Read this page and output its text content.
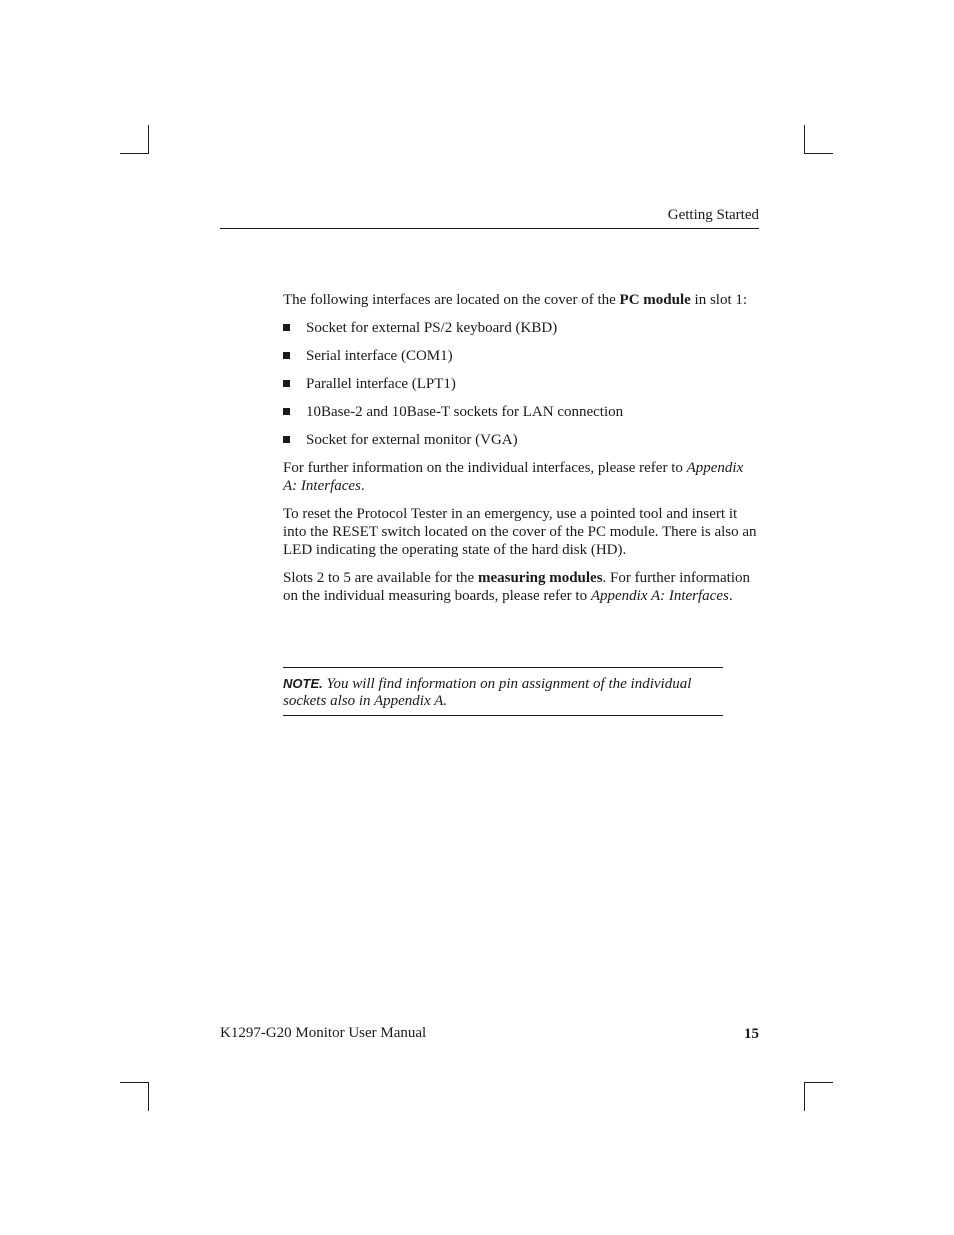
Getting Started

The following interfaces are located on the cover of the PC module in slot 1:

Socket for external PS/2 keyboard (KBD)
Serial interface (COM1)
Parallel interface (LPT1)
10Base-2 and 10Base-T sockets for LAN connection
Socket for external monitor (VGA)

For further information on the individual interfaces, please refer to Appendix A: Interfaces.

To reset the Protocol Tester in an emergency, use a pointed tool and insert it into the RESET switch located on the cover of the PC module. There is also an LED indicating the operating state of the hard disk (HD).

Slots 2 to 5 are available for the measuring modules. For further information on the individual measuring boards, please refer to Appendix A: Interfaces.

NOTE. You will find information on pin assignment of the individual sockets also in Appendix A.
K1297-G20 Monitor User Manual	15
